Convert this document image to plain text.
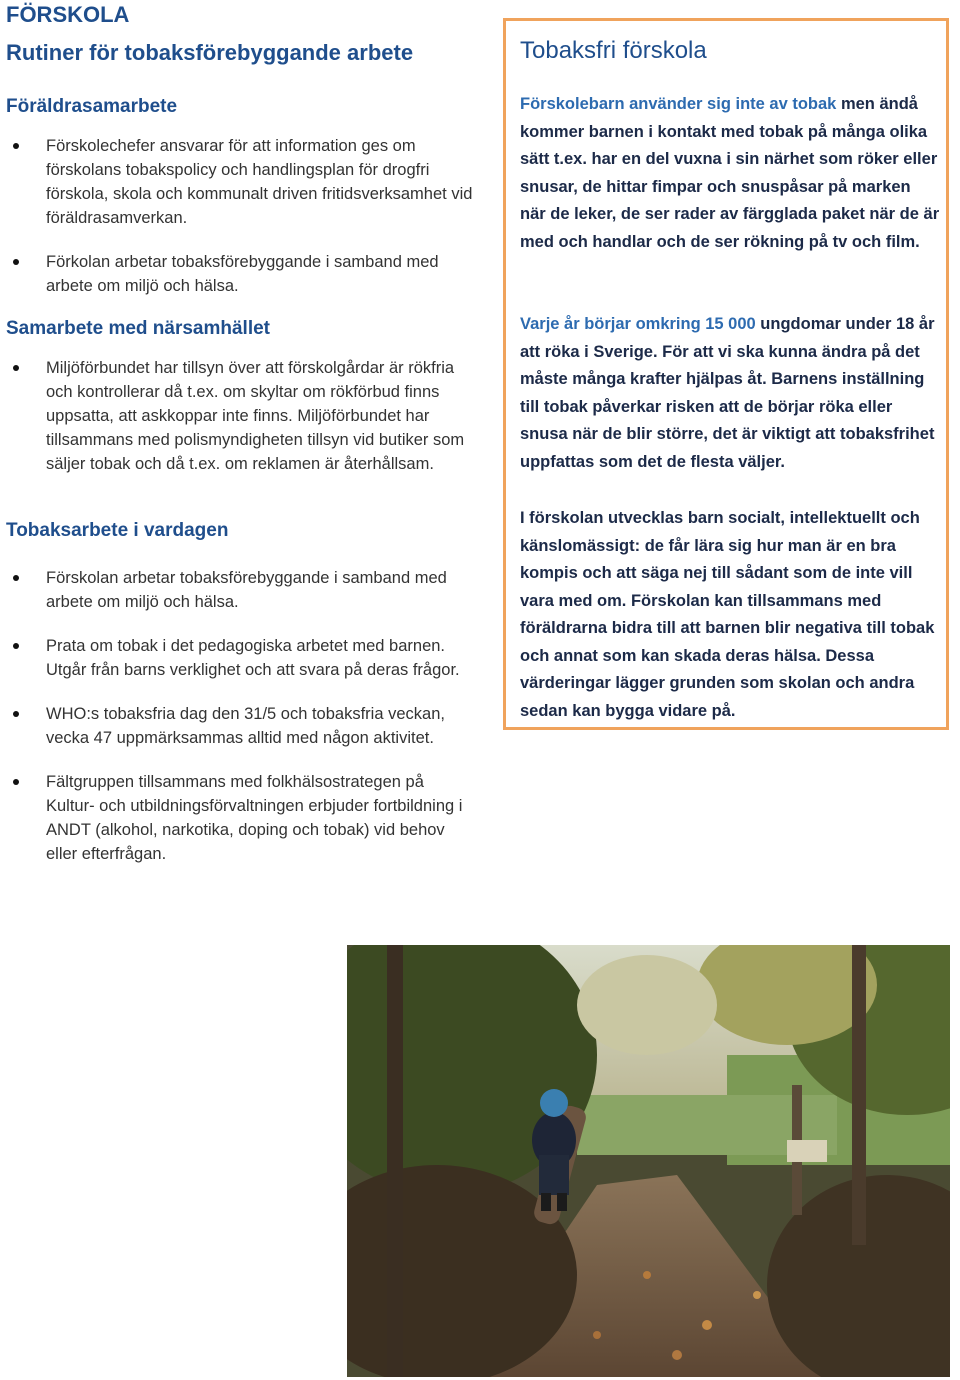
FÖRSKOLA
Rutiner för tobaksförebyggande arbete
Föräldrasamarbete
Förskolechefer ansvarar för att information ges om förskolans tobakspolicy och handlingsplan för drogfri förskola, skola och kommunalt driven fritidsverksamhet vid föräldrasamverkan.
Förkolan arbetar tobaksförebyggande i samband med arbete om miljö och hälsa.
Samarbete med närsamhället
Miljöförbundet har tillsyn över att förskolgårdar är rökfria och kontrollerar då t.ex. om skyltar om rökförbud finns uppsatta, att askkoppar inte finns. Miljöförbundet har tillsammans med polismyndigheten tillsyn vid butiker som säljer tobak och då t.ex. om reklamen är återhållsam.
Tobaksarbete i vardagen
Förskolan arbetar tobaksförebyggande i samband med arbete om miljö och hälsa.
Prata om tobak i det pedagogiska arbetet med barnen. Utgår från barns verklighet och att svara på deras frågor.
WHO:s tobaksfria dag den 31/5 och tobaksfria veckan, vecka 47 uppmärksammas alltid med någon aktivitet.
Fältgruppen tillsammans med folkhälsostrategen på Kultur- och utbildningsförvaltningen erbjuder fortbildning i ANDT (alkohol, narkotika, doping och tobak) vid behov eller efterfrågan.
Tobaksfri förskola
Förskolebarn använder sig inte av tobak men ändå kommer barnen i kontakt med tobak på många olika sätt t.ex. har en del vuxna i sin närhet som röker eller snusar, de hittar fimpar och snuspåsar på marken när de leker, de ser rader av färgglada paket när de är med och handlar och de ser rökning på tv och film.
Varje år börjar omkring 15 000 ungdomar under 18 år att röka i Sverige. För att vi ska kunna ändra på det måste många krafter hjälpas åt. Barnens inställning till tobak påverkar risken att de börjar röka eller snusa när de blir större, det är viktigt att tobaksfrihet uppfattas som det de flesta väljer.
I förskolan utvecklas barn socialt, intellektuellt och känslomässigt: de får lära sig hur man är en bra kompis och att säga nej till sådant som de inte vill vara med om. Förskolan kan tillsammans med föräldrarna bidra till att barnen blir negativa till tobak och annat som kan skada deras hälsa. Dessa värderingar lägger grunden som skolan och andra sedan kan bygga vidare på.
